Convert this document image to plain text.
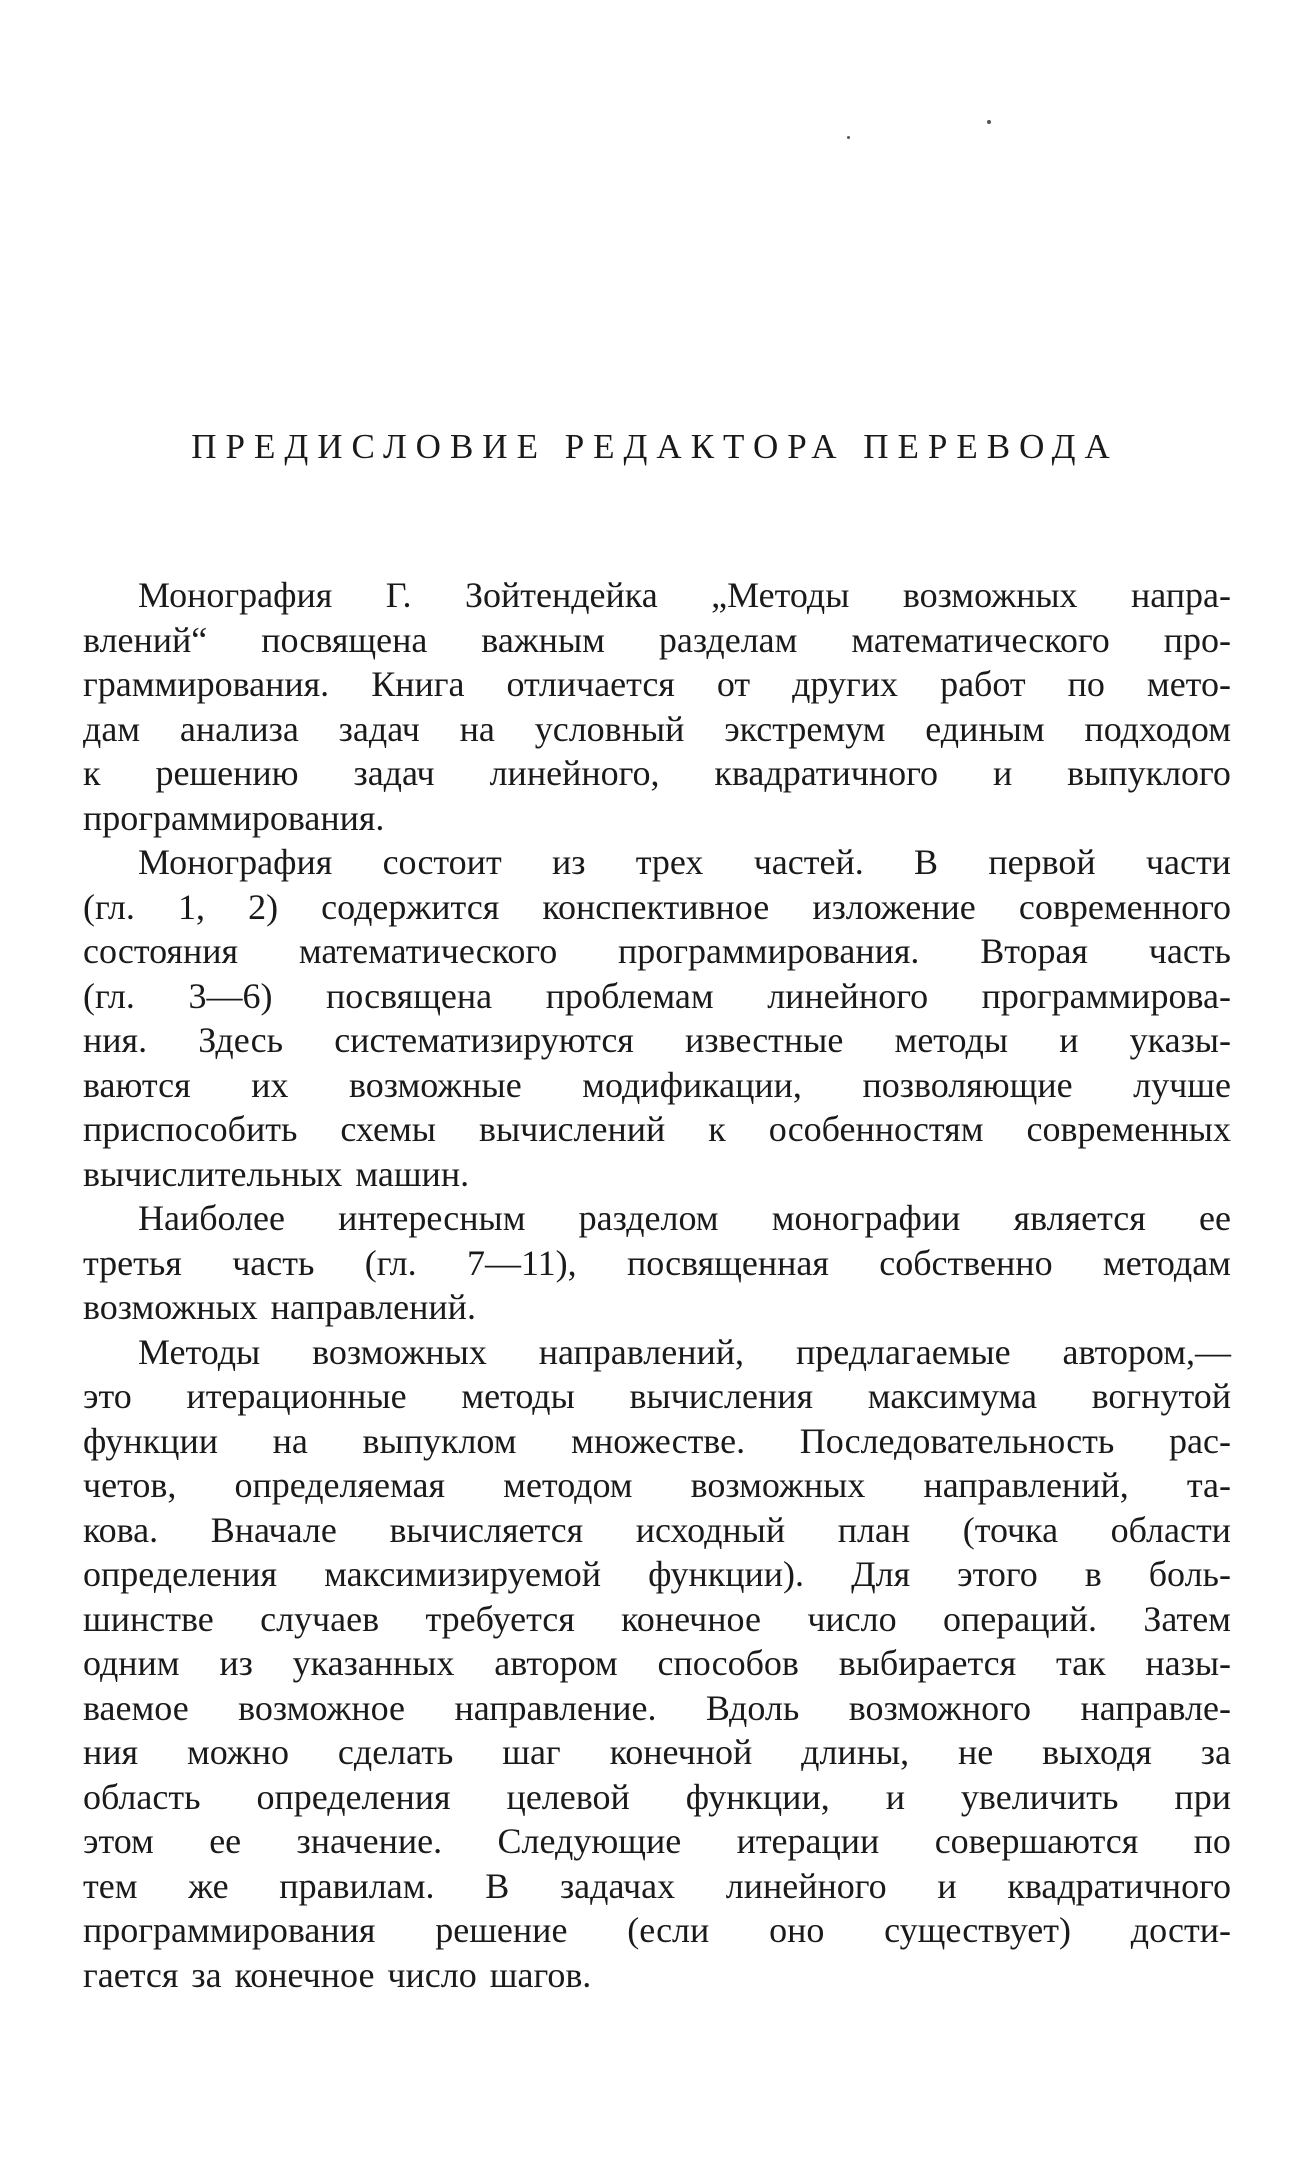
ПРЕДИСЛОВИЕ РЕДАКТОРА ПЕРЕВОДА
Монография Г. Зойтендейка „Методы возможных напра-
влений“ посвящена важным разделам математического про-
граммирования. Книга отличается от других работ по мето-
дам анализа задач на условный экстремум единым подходом
к решению задач линейного, квадратичного и выпуклого
программирования.
Монография состоит из трех частей. В первой части
(гл. 1, 2) содержится конспективное изложение современного
состояния математического программирования. Вторая часть
(гл. 3—6) посвящена проблемам линейного программирова-
ния. Здесь систематизируются известные методы и указы-
ваются их возможные модификации, позволяющие лучше
приспособить схемы вычислений к особенностям современных
вычислительных машин.
Наиболее интересным разделом монографии является ее
третья часть (гл. 7—11), посвященная собственно методам
возможных направлений.
Методы возможных направлений, предлагаемые автором,—
это итерационные методы вычисления максимума вогнутой
функции на выпуклом множестве. Последовательность рас-
четов, определяемая методом возможных направлений, та-
кова. Вначале вычисляется исходный план (точка области
определения максимизируемой функции). Для этого в боль-
шинстве случаев требуется конечное число операций. Затем
одним из указанных автором способов выбирается так назы-
ваемое возможное направление. Вдоль возможного направле-
ния можно сделать шаг конечной длины, не выходя за
область определения целевой функции, и увеличить при
этом ее значение. Следующие итерации совершаются по
тем же правилам. В задачах линейного и квадратичного
программирования решение (если оно существует) дости-
гается за конечное число шагов.
